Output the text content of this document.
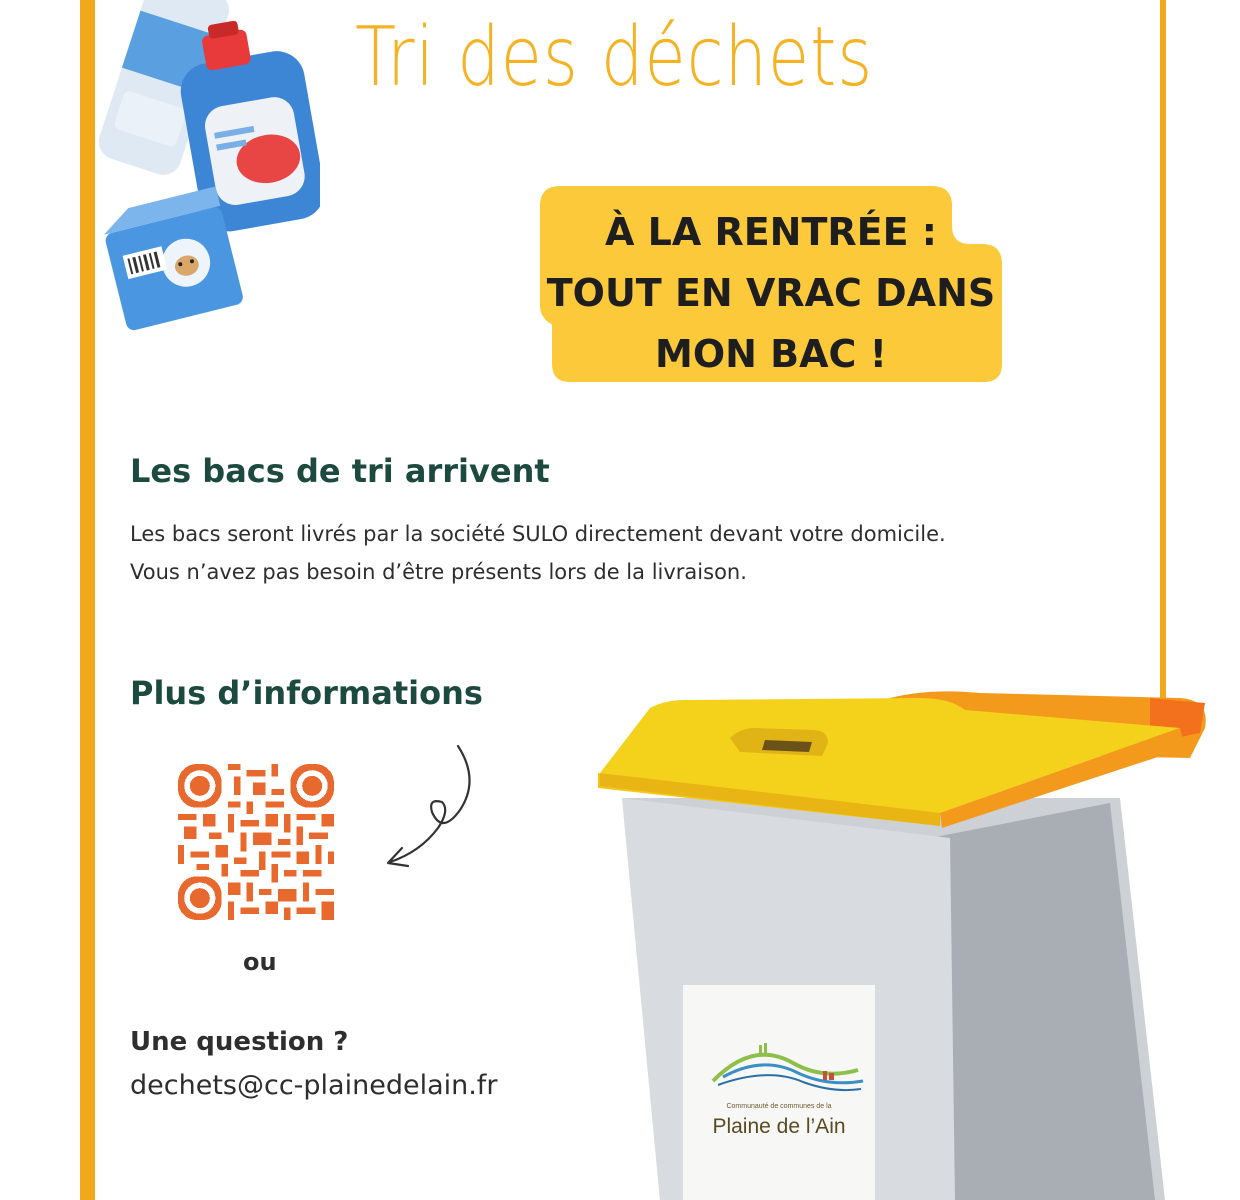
Tri des déchets
À LA RENTRÉE :
TOUT EN VRAC DANS
MON BAC !
Les bacs de tri arrivent
Les bacs seront livrés par la société SULO directement devant votre domicile.
Vous n’avez pas besoin d’être présents lors de la livraison.
Plus d’informations
ou
Une question ?
dechets@cc-plainedelain.fr
Communauté de communes de la
Plaine de l’Ain
